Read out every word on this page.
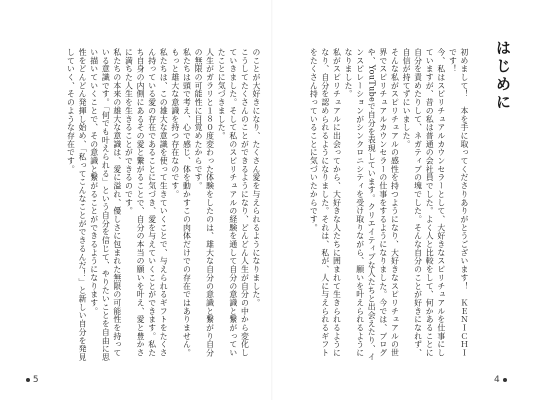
のことが大好きになり、たくさん愛を与えられるようになりました。

こうしてたくさんのことができるようになり、どんどん人生が自分の中から変化していきました。そして私のスピリチュアルの経験を通して自分の意識と繋がっていたことに気づきました。

人生がガラリと１８０度変わった体験をしたのは、雄大な自分の意識と繋がり自分の無限の可能性に目覚めたからです。

私たちは頭で考え、心で感じ、体を動かすこの肉体だけでの存在ではありません。もっと雄大な意識を持つ存在なのです。

私たちは、この雄大な意識を使って生きていくことで、与えられるギフトをたくさん持っている愛の存在であることに気づき、愛を与えていくことができます。私たち自身の内側にあるその愛と繋がることで、自分の本当の願いを叶え、愛と豊かさに満ちた人生を生きることができるのです。

私たちの本来の雄大な意識は、愛に溢れ、優しさに包まれた無限の可能性を持っている意識です。「何でも叶えられる」という自分を信じて、やりたいことを自由に思い描いていくことで、その意識と繋がることができるようになります。

性をどんどん発揮し始め、「私ってこんなことができるんだ！」と新しい自分を発見していく、そのような存在です。

5
はじめに

初めまして！　本を手に取ってくださりありがとうございます！　ＫＥＮＩＣＨＩです！

今、私はスピリチュアルカウンセラーとして、大好きなスピリチュアルを仕事にしていますが、昔の私は普通の会社員でした。よく人と比較をして、何かあることに自分を責めたりして、ネガティブの塊でした。そんな自分のことが好きになれず、自信が持てずにいました。

そんな私がスピリチュアルの感性を持つようになり、大好きなスピリチュアルの世界でスピリチュアルカウンセラーの仕事をするようになりました。今では、ブログや、YouTubeで自分を表現しています。クリエイティブな人たちと出会えたり、インスピレーションがシンクロニシティを受け取りながら、願いを叶えられるようになりました。

私がスピリチュアルに出会ってから、大好きな人たちに囲まれて生きられるようになり、自分を認められるようになりました。それは、私が、人に与えられるギフトをたくさん持っていることに気づいたからです。

4
